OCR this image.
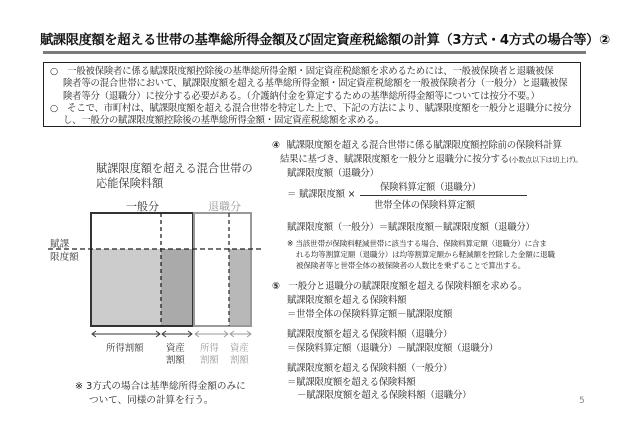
賦課限度額を超える世帯の基準総所得金額及び固定資産税総額の計算（3方式・4方式の場合等）②

○　一般被保険者に係る賦課限度額控除後の基準総所得金額・固定資産税総額を求めるためには、一般被保険者と退職被保

険者等の混合世帯において、賦課限度額を超える基準総所得金額・固定資産税総額を一般被保険者分（一般分）と退職被保

険者等分（退職分）に按分する必要がある。（介護納付金を算定するための基準総所得金額等については按分不要。）

○　そこで、市町村は、賦課限度額を超える混合世帯を特定した上で、下記の方法により、賦課限度額を一般分と退職分に按分

し、一般分の賦課限度額控除後の基準総所得金額・固定資産税総額を求める。

賦課限度額を超える混合世帯の
応能保険料額
一般分	退職分
賦課
限度額
所得割額 資産
割額
所得
割額
資産
割額
※ 3方式の場合は基準総所得金額のみに
ついて、同様の計算を行う。
④ 賦課限度額を超える混合世帯に係る賦課限度額控除前の保険料計算
結果に基づき、賦課限度額を一般分と退職分に按分する(小数点以下は切上げ)。
賦課限度額（退職分）
＝ 賦課限度額 ×
保険料算定額（退職分）
世帯全体の保険料算定額
賦課限度額（一般分）＝賦課限度額－賦課限度額（退職分）
※ 当該世帯が保険料軽減世帯に該当する場合、保険料算定額（退職分）に含ま
れる均等割算定額（退職分）は均等割算定額から軽減額を控除した金額に退職
被保険者等と世帯全体の被保険者の人数比を乗ずることで算出する。
⑤ 一般分と退職分の賦課限度額を超える保険料額を求める。
賦課限度額を超える保険料額
＝世帯全体の保険料算定額－賦課限度額
賦課限度額を超える保険料額（退職分）
＝保険料算定額（退職分）－賦課限度額（退職分）
賦課限度額を超える保険料額（一般分）
＝賦課限度額を超える保険料額
－賦課限度額を超える保険料額（退職分）	5
